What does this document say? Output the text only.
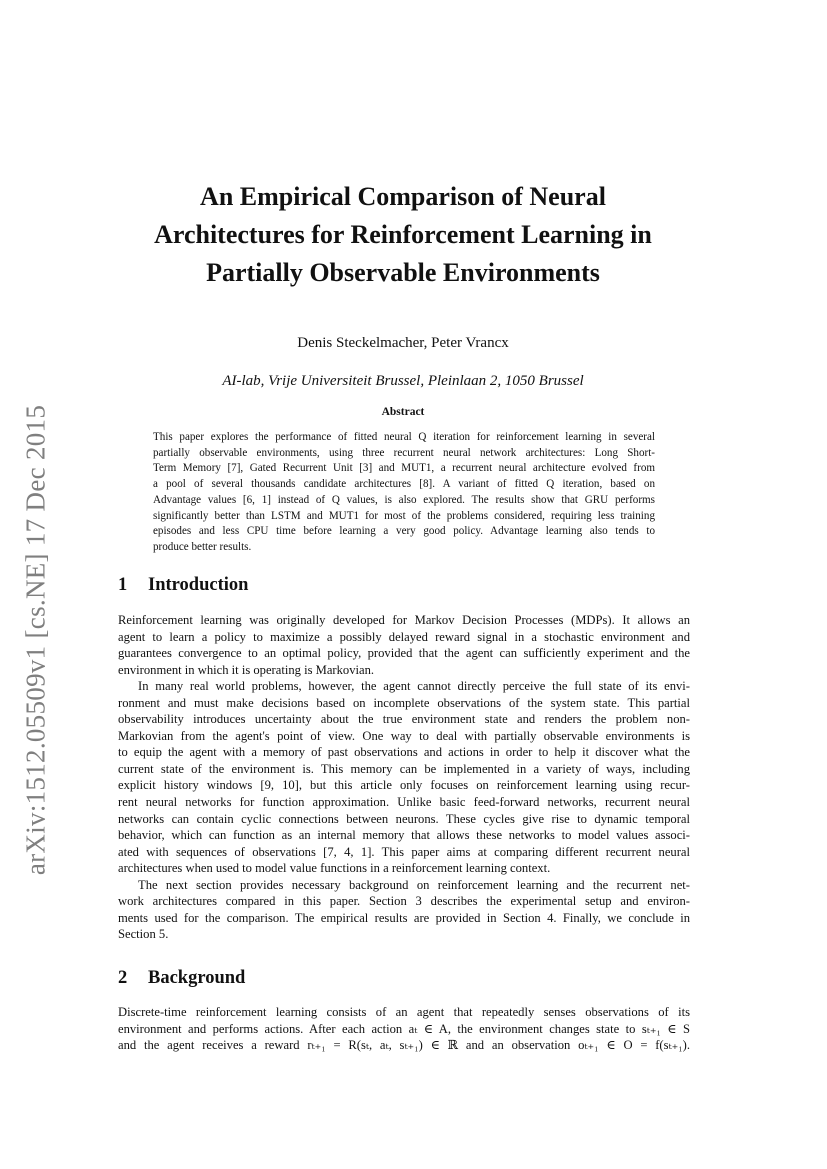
arXiv:1512.05509v1 [cs.NE] 17 Dec 2015
An Empirical Comparison of Neural
Architectures for Reinforcement Learning in
Partially Observable Environments
Denis Steckelmacher, Peter Vrancx
AI-lab, Vrije Universiteit Brussel, Pleinlaan 2, 1050 Brussel
Abstract
This paper explores the performance of fitted neural Q iteration for reinforcement learning in several
partially observable environments, using three recurrent neural network architectures: Long Short-
Term Memory [7], Gated Recurrent Unit [3] and MUT1, a recurrent neural architecture evolved from
a pool of several thousands candidate architectures [8]. A variant of fitted Q iteration, based on
Advantage values [6, 1] instead of Q values, is also explored. The results show that GRU performs
significantly better than LSTM and MUT1 for most of the problems considered, requiring less training
episodes and less CPU time before learning a very good policy. Advantage learning also tends to
produce better results.
1 Introduction
Reinforcement learning was originally developed for Markov Decision Processes (MDPs). It allows an
agent to learn a policy to maximize a possibly delayed reward signal in a stochastic environment and
guarantees convergence to an optimal policy, provided that the agent can sufficiently experiment and the
environment in which it is operating is Markovian.
In many real world problems, however, the agent cannot directly perceive the full state of its envi-
ronment and must make decisions based on incomplete observations of the system state. This partial
observability introduces uncertainty about the true environment state and renders the problem non-
Markovian from the agent's point of view. One way to deal with partially observable environments is
to equip the agent with a memory of past observations and actions in order to help it discover what the
current state of the environment is. This memory can be implemented in a variety of ways, including
explicit history windows [9, 10], but this article only focuses on reinforcement learning using recur-
rent neural networks for function approximation. Unlike basic feed-forward networks, recurrent neural
networks can contain cyclic connections between neurons. These cycles give rise to dynamic temporal
behavior, which can function as an internal memory that allows these networks to model values associ-
ated with sequences of observations [7, 4, 1]. This paper aims at comparing different recurrent neural
architectures when used to model value functions in a reinforcement learning context.
The next section provides necessary background on reinforcement learning and the recurrent net-
work architectures compared in this paper. Section 3 describes the experimental setup and environ-
ments used for the comparison. The empirical results are provided in Section 4. Finally, we conclude in
Section 5.
2 Background
Discrete-time reinforcement learning consists of an agent that repeatedly senses observations of its
environment and performs actions. After each action aₜ ∈ A, the environment changes state to sₜ₊₁ ∈ S
and the agent receives a reward rₜ₊₁ = R(sₜ, aₜ, sₜ₊₁) ∈ ℝ and an observation oₜ₊₁ ∈ O = f(sₜ₊₁).
